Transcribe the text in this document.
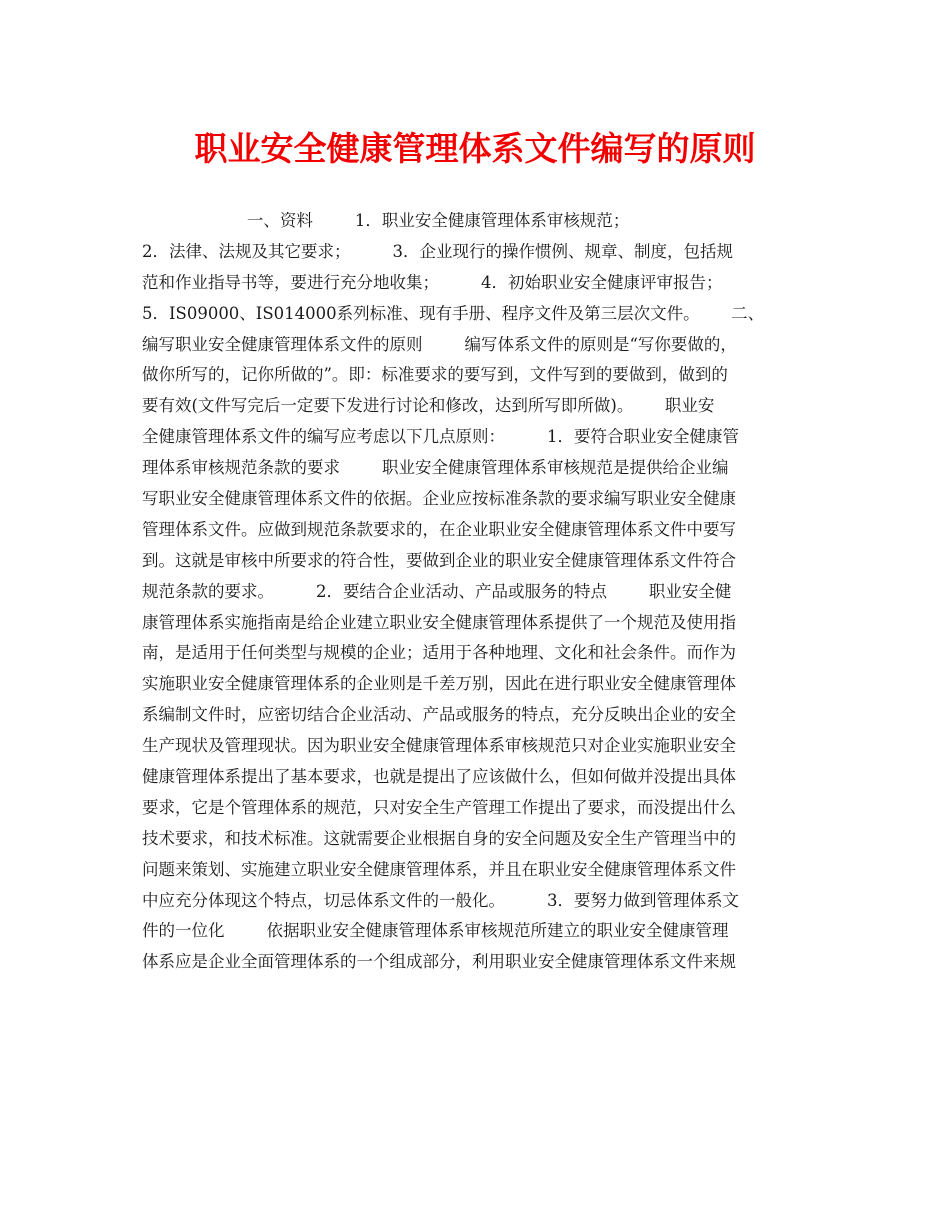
职业安全健康管理体系文件编写的原则
一、资料        1．职业安全健康管理体系审核规范；
2．法律、法规及其它要求；        3．企业现行的操作惯例、规章、制度，包括规
范和作业指导书等，要进行充分地收集；        4．初始职业安全健康评审报告；
5．IS09000、IS014000系列标准、现有手册、程序文件及第三层次文件。      二、
编写职业安全健康管理体系文件的原则        编写体系文件的原则是“写你要做的，
做你所写的，记你所做的”。即：标准要求的要写到，文件写到的要做到，做到的
要有效(文件写完后一定要下发进行讨论和修改，达到所写即所做)。      职业安
全健康管理体系文件的编写应考虑以下几点原则：        1．要符合职业安全健康管
理体系审核规范条款的要求        职业安全健康管理体系审核规范是提供给企业编
写职业安全健康管理体系文件的依据。企业应按标准条款的要求编写职业安全健康
管理体系文件。应做到规范条款要求的，在企业职业安全健康管理体系文件中要写
到。这就是审核中所要求的符合性，要做到企业的职业安全健康管理体系文件符合
规范条款的要求。        2．要结合企业活动、产品或服务的特点        职业安全健
康管理体系实施指南是给企业建立职业安全健康管理体系提供了一个规范及使用指
南，是适用于任何类型与规模的企业；适用于各种地理、文化和社会条件。而作为
实施职业安全健康管理体系的企业则是千差万别，因此在进行职业安全健康管理体
系编制文件时，应密切结合企业活动、产品或服务的特点，充分反映出企业的安全
生产现状及管理现状。因为职业安全健康管理体系审核规范只对企业实施职业安全
健康管理体系提出了基本要求，也就是提出了应该做什么，但如何做并没提出具体
要求，它是个管理体系的规范，只对安全生产管理工作提出了要求，而没提出什么
技术要求，和技术标准。这就需要企业根据自身的安全问题及安全生产管理当中的
问题来策划、实施建立职业安全健康管理体系，并且在职业安全健康管理体系文件
中应充分体现这个特点，切忌体系文件的一般化。        3．要努力做到管理体系文
件的一位化        依据职业安全健康管理体系审核规范所建立的职业安全健康管理
体系应是企业全面管理体系的一个组成部分，利用职业安全健康管理体系文件来规
